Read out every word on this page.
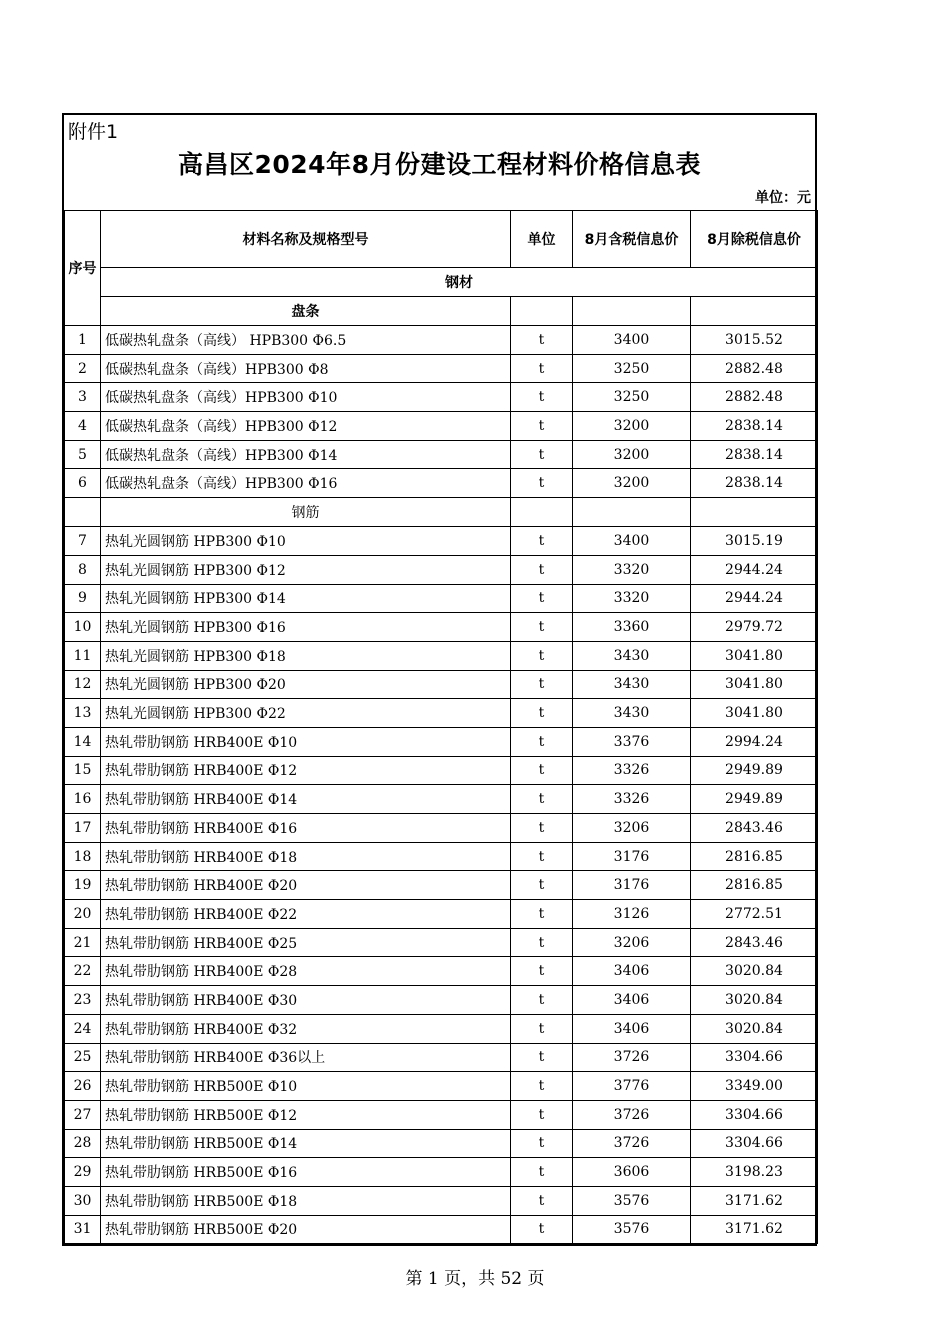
附件1
高昌区2024年8月份建设工程材料价格信息表
单位：元
序号	材料名称及规格型号	单位	8月含税信息价	8月除税信息价
	钢材			
	盘条			
1	低碳热轧盘条（高线） HPB300 Φ6.5	t	3400	3015.52
2	低碳热轧盘条（高线）HPB300 Φ8	t	3250	2882.48
3	低碳热轧盘条（高线）HPB300 Φ10	t	3250	2882.48
4	低碳热轧盘条（高线）HPB300 Φ12	t	3200	2838.14
5	低碳热轧盘条（高线）HPB300 Φ14	t	3200	2838.14
6	低碳热轧盘条（高线）HPB300 Φ16	t	3200	2838.14
	钢筋			
7	热轧光圆钢筋 HPB300 Φ10	t	3400	3015.19
8	热轧光圆钢筋 HPB300 Φ12	t	3320	2944.24
9	热轧光圆钢筋 HPB300 Φ14	t	3320	2944.24
10	热轧光圆钢筋 HPB300 Φ16	t	3360	2979.72
11	热轧光圆钢筋 HPB300 Φ18	t	3430	3041.80
12	热轧光圆钢筋 HPB300 Φ20	t	3430	3041.80
13	热轧光圆钢筋 HPB300 Φ22	t	3430	3041.80
14	热轧带肋钢筋 HRB400E Φ10	t	3376	2994.24
15	热轧带肋钢筋 HRB400E Φ12	t	3326	2949.89
16	热轧带肋钢筋 HRB400E Φ14	t	3326	2949.89
17	热轧带肋钢筋 HRB400E Φ16	t	3206	2843.46
18	热轧带肋钢筋 HRB400E Φ18	t	3176	2816.85
19	热轧带肋钢筋 HRB400E Φ20	t	3176	2816.85
20	热轧带肋钢筋 HRB400E Φ22	t	3126	2772.51
21	热轧带肋钢筋 HRB400E Φ25	t	3206	2843.46
22	热轧带肋钢筋 HRB400E Φ28	t	3406	3020.84
23	热轧带肋钢筋 HRB400E Φ30	t	3406	3020.84
24	热轧带肋钢筋 HRB400E Φ32	t	3406	3020.84
25	热轧带肋钢筋 HRB400E Φ36以上	t	3726	3304.66
26	热轧带肋钢筋 HRB500E Φ10	t	3776	3349.00
27	热轧带肋钢筋 HRB500E Φ12	t	3726	3304.66
28	热轧带肋钢筋 HRB500E Φ14	t	3726	3304.66
29	热轧带肋钢筋 HRB500E Φ16	t	3606	3198.23
30	热轧带肋钢筋 HRB500E Φ18	t	3576	3171.62
31	热轧带肋钢筋 HRB500E Φ20	t	3576	3171.62
第 1 页，共 52 页
